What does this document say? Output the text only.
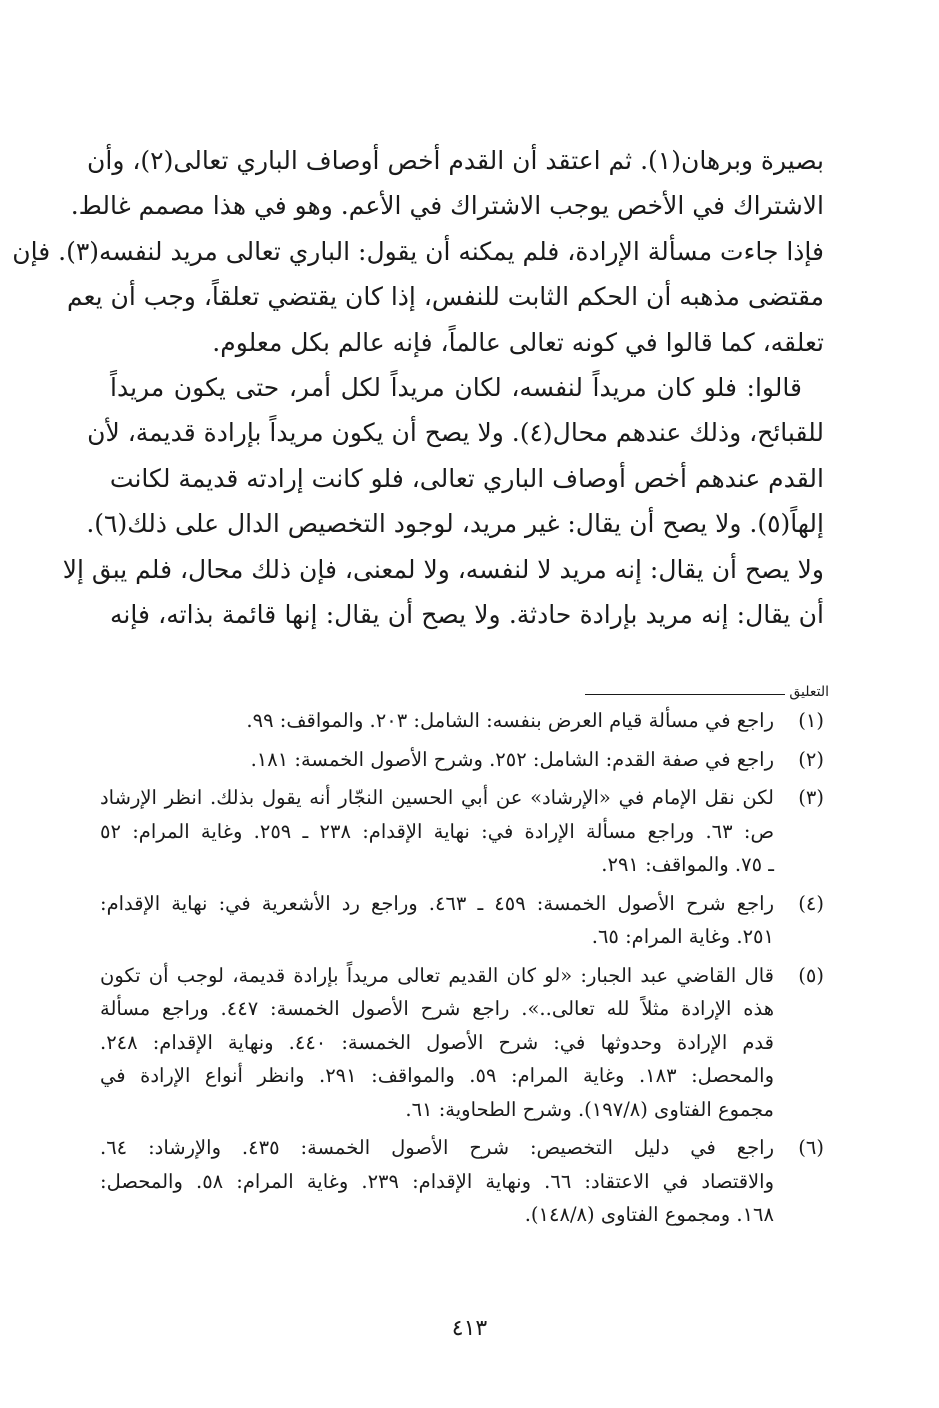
بصيرة وبرهان(١). ثم اعتقد أن القدم أخص أوصاف الباري تعالى(٢)، وأن
الاشتراك في الأخص يوجب الاشتراك في الأعم. وهو في هذا مصمم غالط.
فإذا جاءت مسألة الإرادة، فلم يمكنه أن يقول: الباري تعالى مريد لنفسه(٣). فإن
مقتضى مذهبه أن الحكم الثابت للنفس، إذا كان يقتضي تعلقاً، وجب أن يعم
تعلقه، كما قالوا في كونه تعالى عالماً، فإنه عالم بكل معلوم.
قالوا: فلو كان مريداً لنفسه، لكان مريداً لكل أمر، حتى يكون مريداً
للقبائح، وذلك عندهم محال(٤). ولا يصح أن يكون مريداً بإرادة قديمة، لأن
القدم عندهم أخص أوصاف الباري تعالى، فلو كانت إرادته قديمة لكانت
إلهاً(٥). ولا يصح أن يقال: غير مريد، لوجود التخصيص الدال على ذلك(٦).
ولا يصح أن يقال: إنه مريد لا لنفسه، ولا لمعنى، فإن ذلك محال، فلم يبق إلا
أن يقال: إنه مريد بإرادة حادثة. ولا يصح أن يقال: إنها قائمة بذاته، فإنه
التعليق
(١)
راجع في مسألة قيام العرض بنفسه: الشامل: ٢٠٣. والمواقف: ٩٩.
(٢)
راجع في صفة القدم: الشامل: ٢٥٢. وشرح الأصول الخمسة: ١٨١.
(٣)
لكن نقل الإمام في «الإرشاد» عن أبي الحسين النجّار أنه يقول بذلك. انظر الإرشاد
ص: ٦٣. وراجع مسألة الإرادة في: نهاية الإقدام: ٢٣٨ ـ ٢٥٩. وغاية المرام: ٥٢
ـ ٧٥. والمواقف: ٢٩١.
(٤)
راجع شرح الأصول الخمسة: ٤٥٩ ـ ٤٦٣. وراجع رد الأشعرية في: نهاية الإقدام:
٢٥١. وغاية المرام: ٦٥.
(٥)
قال القاضي عبد الجبار: «لو كان القديم تعالى مريداً بإرادة قديمة، لوجب أن تكون
هذه الإرادة مثلاً لله تعالى..». راجع شرح الأصول الخمسة: ٤٤٧. وراجع مسألة
قدم الإرادة وحدوثها في: شرح الأصول الخمسة: ٤٤٠. ونهاية الإقدام: ٢٤٨.
والمحصل: ١٨٣. وغاية المرام: ٥٩. والمواقف: ٢٩١. وانظر أنواع الإرادة في
مجموع الفتاوى (١٩٧/٨). وشرح الطحاوية: ٦١.
(٦)
راجع في دليل التخصيص: شرح الأصول الخمسة: ٤٣٥. والإرشاد: ٦٤.
والاقتصاد في الاعتقاد: ٦٦. ونهاية الإقدام: ٢٣٩. وغاية المرام: ٥٨. والمحصل:
١٦٨. ومجموع الفتاوى (١٤٨/٨).
٤١٣
